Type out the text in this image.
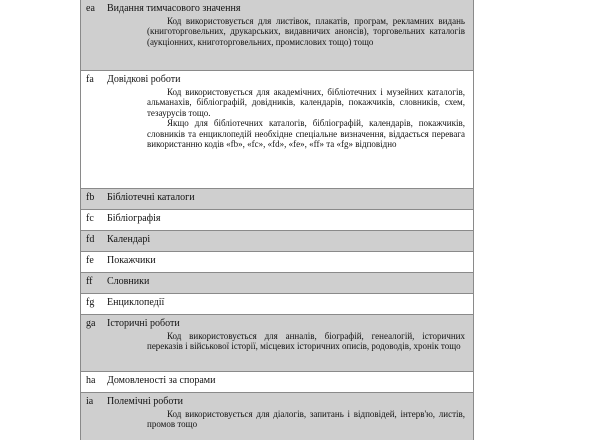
ea Видання тимчасового значення

Код використовується для листівок, плакатів, програм, рекламних видань (книготорговельних, друкарських, видавничих анонсів), торговельних каталогів (аукціонних, книготорговельних, промислових тощо) тощо

fa Довідкові роботи

Код використовується для академічних, бібліотечних і музейних каталогів, альманахів, бібліографій, довідників, календарів, покажчиків, словників, схем, тезаурусів тощо.

Якщо для бібліотечних каталогів, бібліографій, календарів, покажчиків, словників та енциклопедій необхідне спеціальне визначення, віддається перевага використанню кодів «fb», «fc», «fd», «fe», «ff» та «fg» відповідно

fb Бібліотечні каталоги
fc Бібліографія
fd Календарі
fe Покажчики
ff Словники
fg Енциклопедії
ga Історичні роботи

Код використовується для анналів, біографій, генеалогій, історичних переказів і військової історії, місцевих історичних описів, родоводів, хронік тощо

ha Домовленості за спорами
ia Полемічні роботи

Код використовується для діалогів, запитань і відповідей, інтерв'ю, листів, промов тощо
